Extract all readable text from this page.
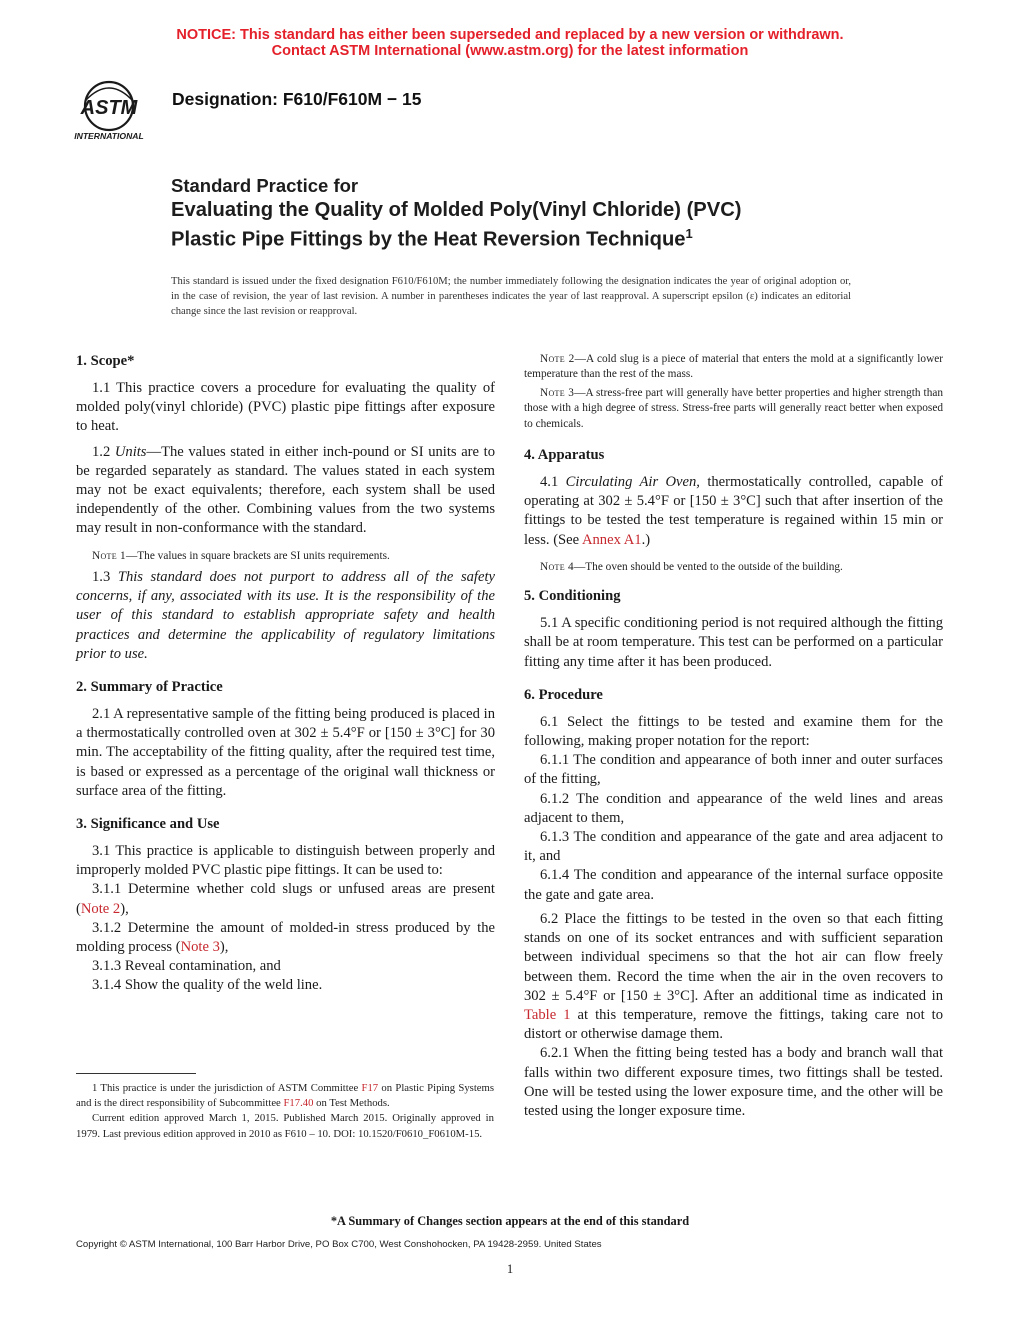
NOTICE: This standard has either been superseded and replaced by a new version or withdrawn.
Contact ASTM International (www.astm.org) for the latest information
ASTM
INTERNATIONAL
Designation: F610/F610M − 15
Standard Practice for
Evaluating the Quality of Molded Poly(Vinyl Chloride) (PVC)
Plastic Pipe Fittings by the Heat Reversion Technique$^1$
This standard is issued under the fixed designation F610/F610M; the number immediately following the designation indicates the year of original adoption or, in the case of revision, the year of last revision. A number in parentheses indicates the year of last reapproval. A superscript epsilon (ε) indicates an editorial change since the last revision or reapproval.

1. Scope*

1.1 This practice covers a procedure for evaluating the quality of molded poly(vinyl chloride) (PVC) plastic pipe fittings after exposure to heat.

1.2 Units—The values stated in either inch-pound or SI units are to be regarded separately as standard. The values stated in each system may not be exact equivalents; therefore, each system shall be used independently of the other. Combining values from the two systems may result in non-conformance with the standard.

Note 1—The values in square brackets are SI units requirements.

1.3 This standard does not purport to address all of the safety concerns, if any, associated with its use. It is the responsibility of the user of this standard to establish appropriate safety and health practices and determine the applicability of regulatory limitations prior to use.

2. Summary of Practice

2.1 A representative sample of the fitting being produced is placed in a thermostatically controlled oven at 302 ± 5.4°F or [150 ± 3°C] for 30 min. The acceptability of the fitting quality, after the required test time, is based or expressed as a percentage of the original wall thickness or surface area of the fitting.

3. Significance and Use

3.1 This practice is applicable to distinguish between properly and improperly molded PVC plastic pipe fittings. It can be used to:

3.1.1 Determine whether cold slugs or unfused areas are present (Note 2),

3.1.2 Determine the amount of molded-in stress produced by the molding process (Note 3),

3.1.3 Reveal contamination, and

3.1.4 Show the quality of the weld line.

1 This practice is under the jurisdiction of ASTM Committee F17 on Plastic Piping Systems and is the direct responsibility of Subcommittee F17.40 on Test Methods.

Current edition approved March 1, 2015. Published March 2015. Originally approved in 1979. Last previous edition approved in 2010 as F610 – 10. DOI: 10.1520/F0610_F0610M-15.

Note 2—A cold slug is a piece of material that enters the mold at a significantly lower temperature than the rest of the mass.

Note 3—A stress-free part will generally have better properties and higher strength than those with a high degree of stress. Stress-free parts will generally react better when exposed to chemicals.

4. Apparatus

4.1 Circulating Air Oven, thermostatically controlled, capable of operating at 302 ± 5.4°F or [150 ± 3°C] such that after insertion of the fittings to be tested the test temperature is regained within 15 min or less. (See Annex A1.)

Note 4—The oven should be vented to the outside of the building.

5. Conditioning

5.1 A specific conditioning period is not required although the fitting shall be at room temperature. This test can be performed on a particular fitting any time after it has been produced.

6. Procedure

6.1 Select the fittings to be tested and examine them for the following, making proper notation for the report:

6.1.1 The condition and appearance of both inner and outer surfaces of the fitting,

6.1.2 The condition and appearance of the weld lines and areas adjacent to them,

6.1.3 The condition and appearance of the gate and area adjacent to it, and

6.1.4 The condition and appearance of the internal surface opposite the gate and gate area.

6.2 Place the fittings to be tested in the oven so that each fitting stands on one of its socket entrances and with sufficient separation between individual specimens so that the hot air can flow freely between them. Record the time when the air in the oven recovers to 302 ± 5.4°F or [150 ± 3°C]. After an additional time as indicated in Table 1 at this temperature, remove the fittings, taking care not to distort or otherwise damage them.

6.2.1 When the fitting being tested has a body and branch wall that falls within two different exposure times, two fittings shall be tested. One will be tested using the lower exposure time, and the other will be tested using the longer exposure time.

*A Summary of Changes section appears at the end of this standard
Copyright © ASTM International, 100 Barr Harbor Drive, PO Box C700, West Conshohocken, PA 19428-2959. United States
1
